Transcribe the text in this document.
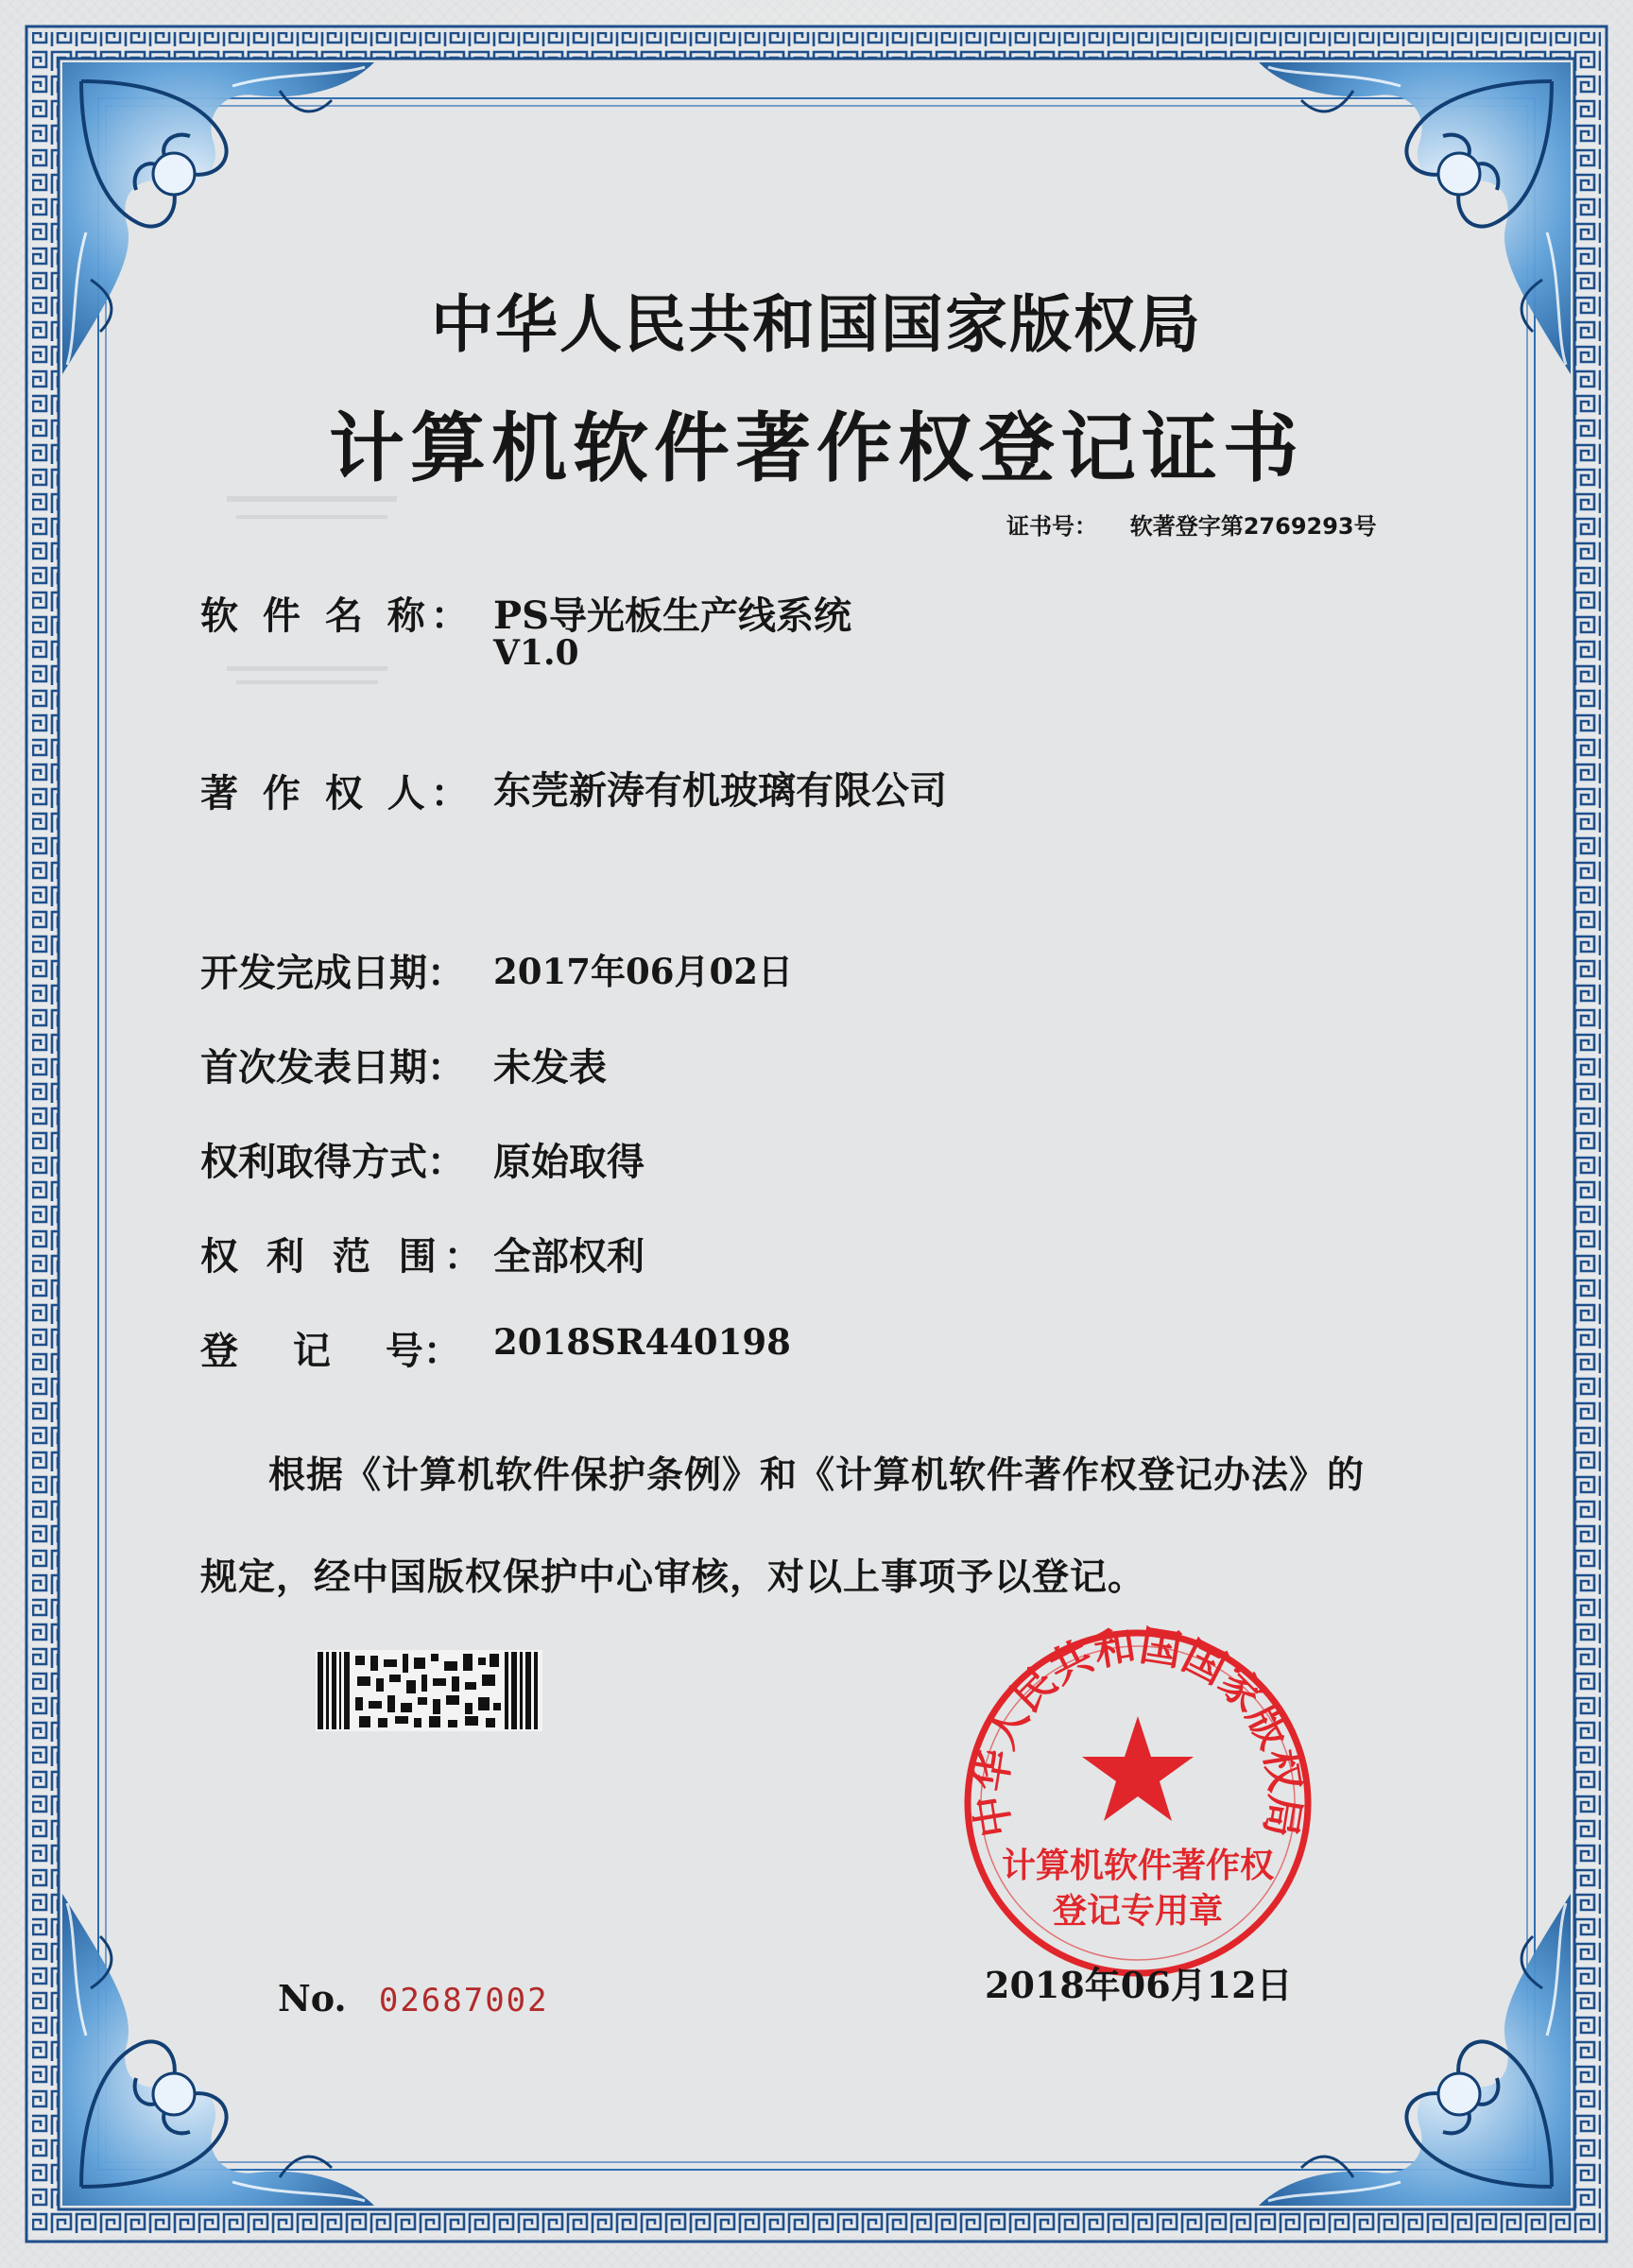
中华人民共和国国家版权局
计算机软件著作权登记证书
证书号： 软著登字第2769293号
软 件 名 称： PS导光板生产线系统
V1.0
著 作 权 人： 东莞新涛有机玻璃有限公司
开发完成日期： 2017年06月02日
首次发表日期： 未发表
权利取得方式： 原始取得
权 利 范 围： 全部权利
登 记 号： 2018SR440198
根据《计算机软件保护条例》和《计算机软件著作权登记办法》的
规定，经中国版权保护中心审核，对以上事项予以登记。
中华人民共和国国家版权局
计算机软件著作权
登记专用章
No. 02687002	2018年06月12日
